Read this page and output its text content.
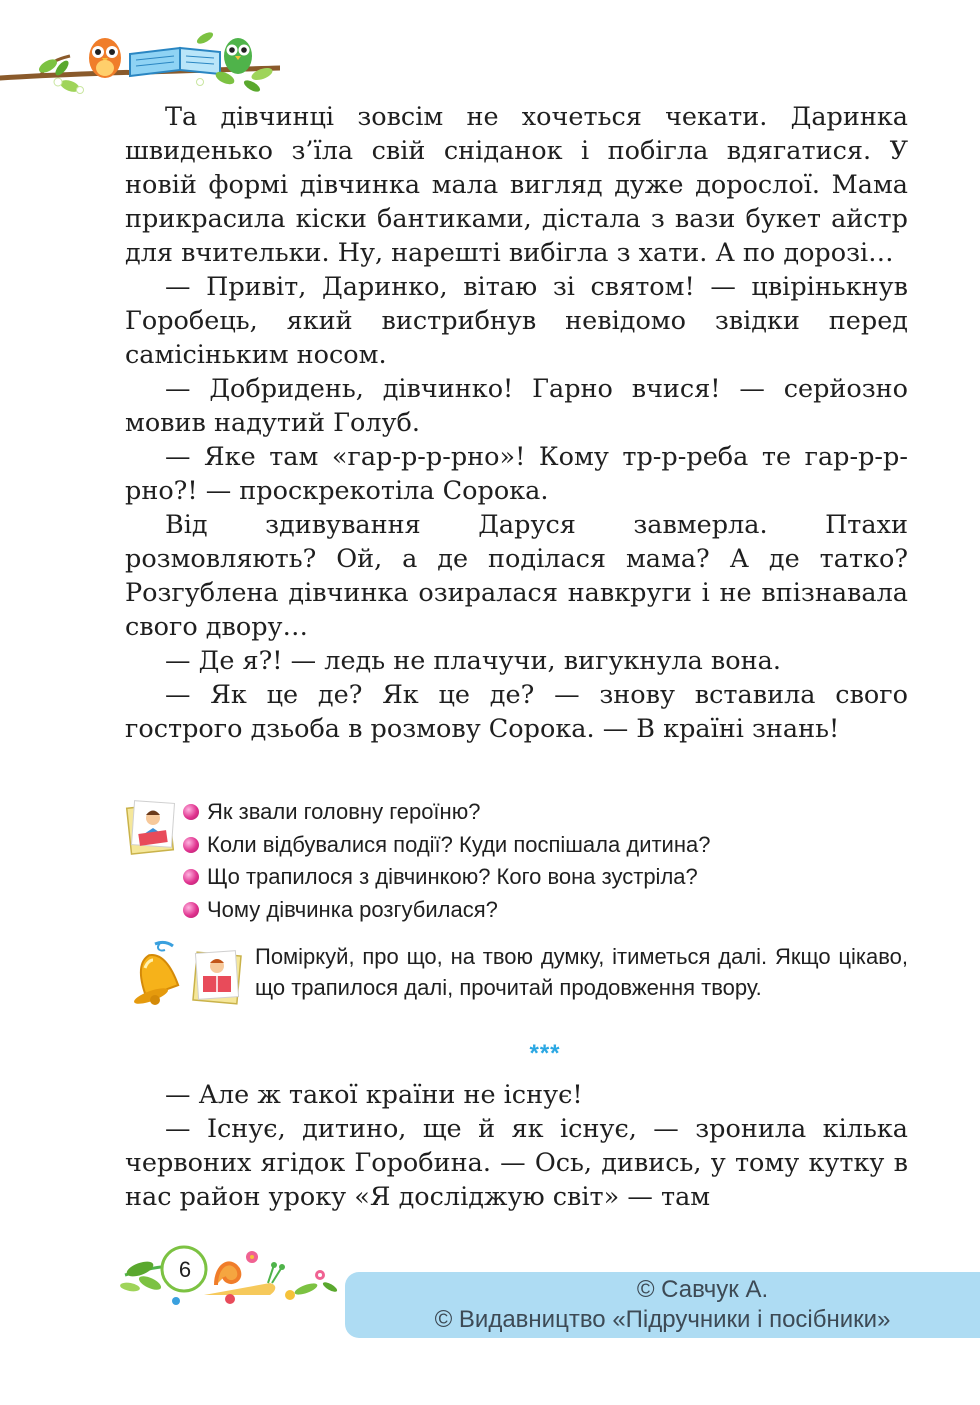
Та дівчинці зовсім не хочеться чекати. Даринка швиденько з’їла свій сніданок і побігла вдягатися. У новій формі дівчинка мала вигляд дуже дорослої. Мама прикрасила кіски бантиками, дістала з вази букет айстр для вчительки. Ну, нарешті вибігла з хати. А по дорозі…

— Привіт, Даринко, вітаю зі святом! — цвірінькнув Горобець, який вистрибнув невідомо звідки перед самісіньким носом.

— Добридень, дівчинко! Гарно вчися! — серйозно мовив надутий Голуб.

— Яке там «гар-р-р-рно»! Кому тр-р-реба те гар-р-р-рно?! — проскрекотіла Сорока.

Від здивування Даруся завмерла. Птахи розмовляють? Ой, а де поділася мама? А де татко? Розгублена дівчинка озиралася навкруги і не впізнавала свого двору…

— Де я?! — ледь не плачучи, вигукнула вона.

— Як це де? Як це де? — знову вставила свого гострого дзьоба в розмову Сорока. — В країні знань!

Як звали головну героїню?
Коли відбувалися події? Куди поспішала дитина?
Що трапилося з дівчинкою? Кого вона зустріла?
Чому дівчинка розгубилася?

Поміркуй, про що, на твою думку, ітиметься далі. Якщо цікаво, що трапилося далі, прочитай продовження твору.

***

— Але ж такої країни не існує!

— Існує, дитино, ще й як існує, — зронила кілька червоних ягідок Горобина. — Ось, дивись, у тому кутку в нас район уроку «Я досліджую світ» — там

6
© Савчук А.
© Видавництво «Підручники і посібники»
